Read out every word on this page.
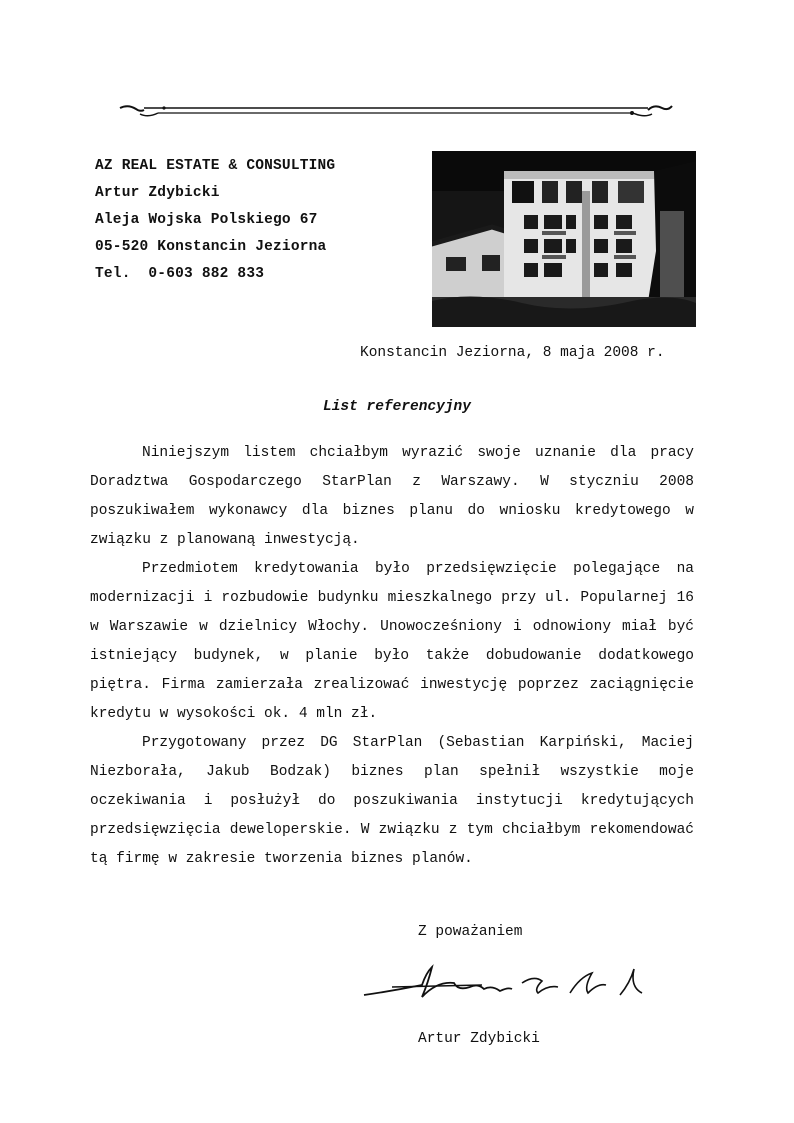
AZ REAL ESTATE & CONSULTING
Artur Zdybicki
Aleja Wojska Polskiego 67
05-520 Konstancin Jeziorna
Tel.  0-603 882 833
Konstancin Jeziorna, 8 maja 2008 r.
List referencyjny

Niniejszym listem chciałbym wyrazić swoje uznanie dla pracy Doradztwa Gospodarczego StarPlan z Warszawy. W styczniu 2008 poszukiwałem wykonawcy dla biznes planu do wniosku kredytowego w związku z planowaną inwestycją.

Przedmiotem kredytowania było przedsięwzięcie polegające na modernizacji i rozbudowie budynku mieszkalnego przy ul. Popularnej 16 w Warszawie w dzielnicy Włochy. Unowocześniony i odnowiony miał być istniejący budynek, w planie było także dobudowanie dodatkowego piętra. Firma zamierzała zrealizować inwestycję poprzez zaciągnięcie kredytu w wysokości ok. 4 mln zł.

Przygotowany przez DG StarPlan (Sebastian Karpiński, Maciej Niezborała, Jakub Bodzak) biznes plan spełnił wszystkie moje oczekiwania i posłużył do poszukiwania instytucji kredytujących przedsięwzięcia deweloperskie. W związku z tym chciałbym rekomendować tą firmę w zakresie tworzenia biznes planów.

Z poważaniem
Artur Zdybicki
